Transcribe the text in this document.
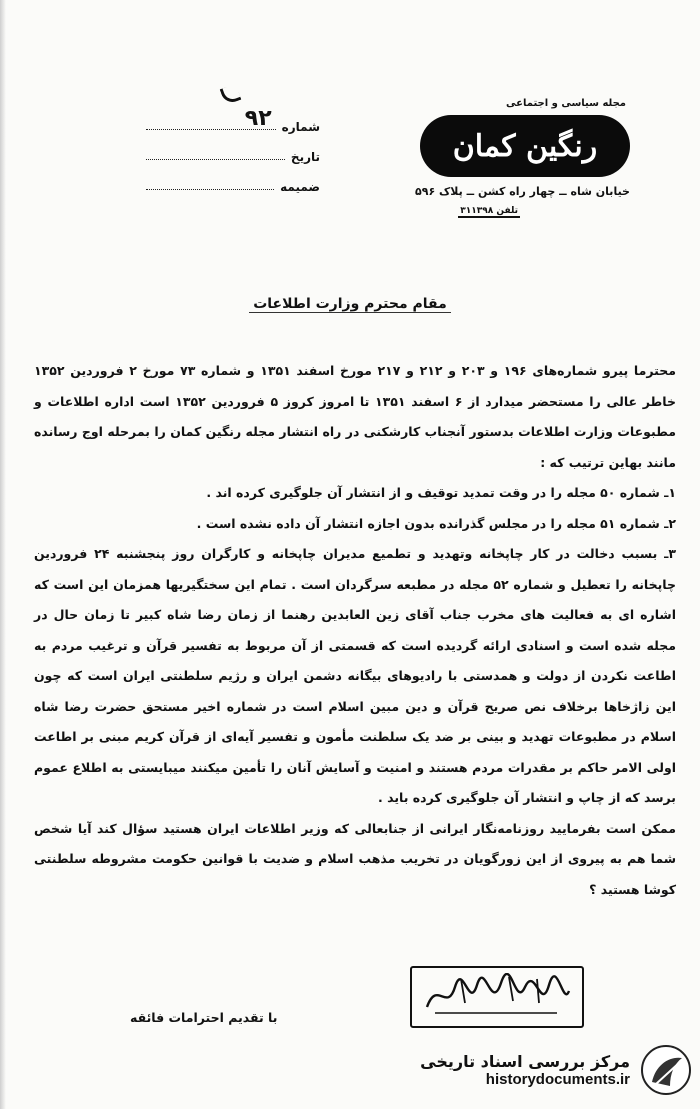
شماره
۹۲
تاریخ
ضمیمه
مجله سیاسی و اجتماعی
رنگین کمان
خیابان شاه ــ چهار راه کشن ــ پلاک ۵۹۶
تلفن ۳۱۱۳۹۸
مقام محترم وزارت اطلاعات

محترما پیرو شماره‌های ۱۹۶ و ۲۰۳ و ۲۱۲ و ۲۱۷ مورخ اسفند ۱۳۵۱ و شماره ۷۳ مورخ ۲ فروردین ۱۳۵۲ خاطر عالی را مستحضر میدارد از ۶ اسفند ۱۳۵۱ تا امروز کروز ۵ فروردین ۱۳۵۲ است اداره اطلاعات و مطبوعات وزارت اطلاعات بدستور آنجناب کارشکنی در راه انتشار مجله رنگین کمان را بمرحله اوج رسانده مانند بهاین ترتیب که :

۱ـ شماره ۵۰ مجله را در وقت تمدید توقیف و از انتشار آن جلوگیری کرده اند .

۲ـ شماره ۵۱ مجله را در مجلس گذرانده بدون اجازه انتشار آن داده نشده است .

۳ـ بسبب دخالت در کار چاپخانه وتهدید و تطمیع مدیران چاپخانه و کارگران روز پنجشنبه ۲۴ فروردین چاپخانه را تعطیل و شماره ۵۲ مجله در مطبعه سرگردان است . تمام این سختگیریها همزمان این است که اشاره ای به فعالیت های مخرب جناب آقای زین العابدین رهنما از زمان رضا شاه کبیر تا زمان حال در مجله شده است و اسنادی ارائه گردیده است که قسمتی از آن مربوط به تفسیر قرآن و ترغیب مردم به اطاعت نکردن از دولت و همدستی با رادیوهای بیگانه دشمن ایران و رژیم سلطنتی ایران است که چون این زاژخاها برخلاف نص صریح قرآن و دین مبین اسلام است در شماره اخیر مستحق حضرت رضا شاه اسلام در مطبوعات تهدید و بینی بر ضد یک سلطنت مأمون و تفسیر آیه‌ای از قرآن کریم مبنی بر اطاعت اولی الامر حاکم بر مقدرات مردم هستند و امنیت و آسایش آنان را تأمین میکنند میبایستی به اطلاع عموم برسد که از چاپ و انتشار آن جلوگیری کرده باید .

ممکن است بفرمایید روزنامه‌نگار ایرانی از جنابعالی که وزیر اطلاعات ایران هستید سؤال کند آیا شخص شما هم به پیروی از این زورگویان در تخریب مذهب اسلام و ضدیت با قوانین حکومت مشروطه سلطنتی کوشا هستید ؟

با تقدیم احترامات فائقه
مرکز بررسی اسناد تاریخی
historydocuments.ir
